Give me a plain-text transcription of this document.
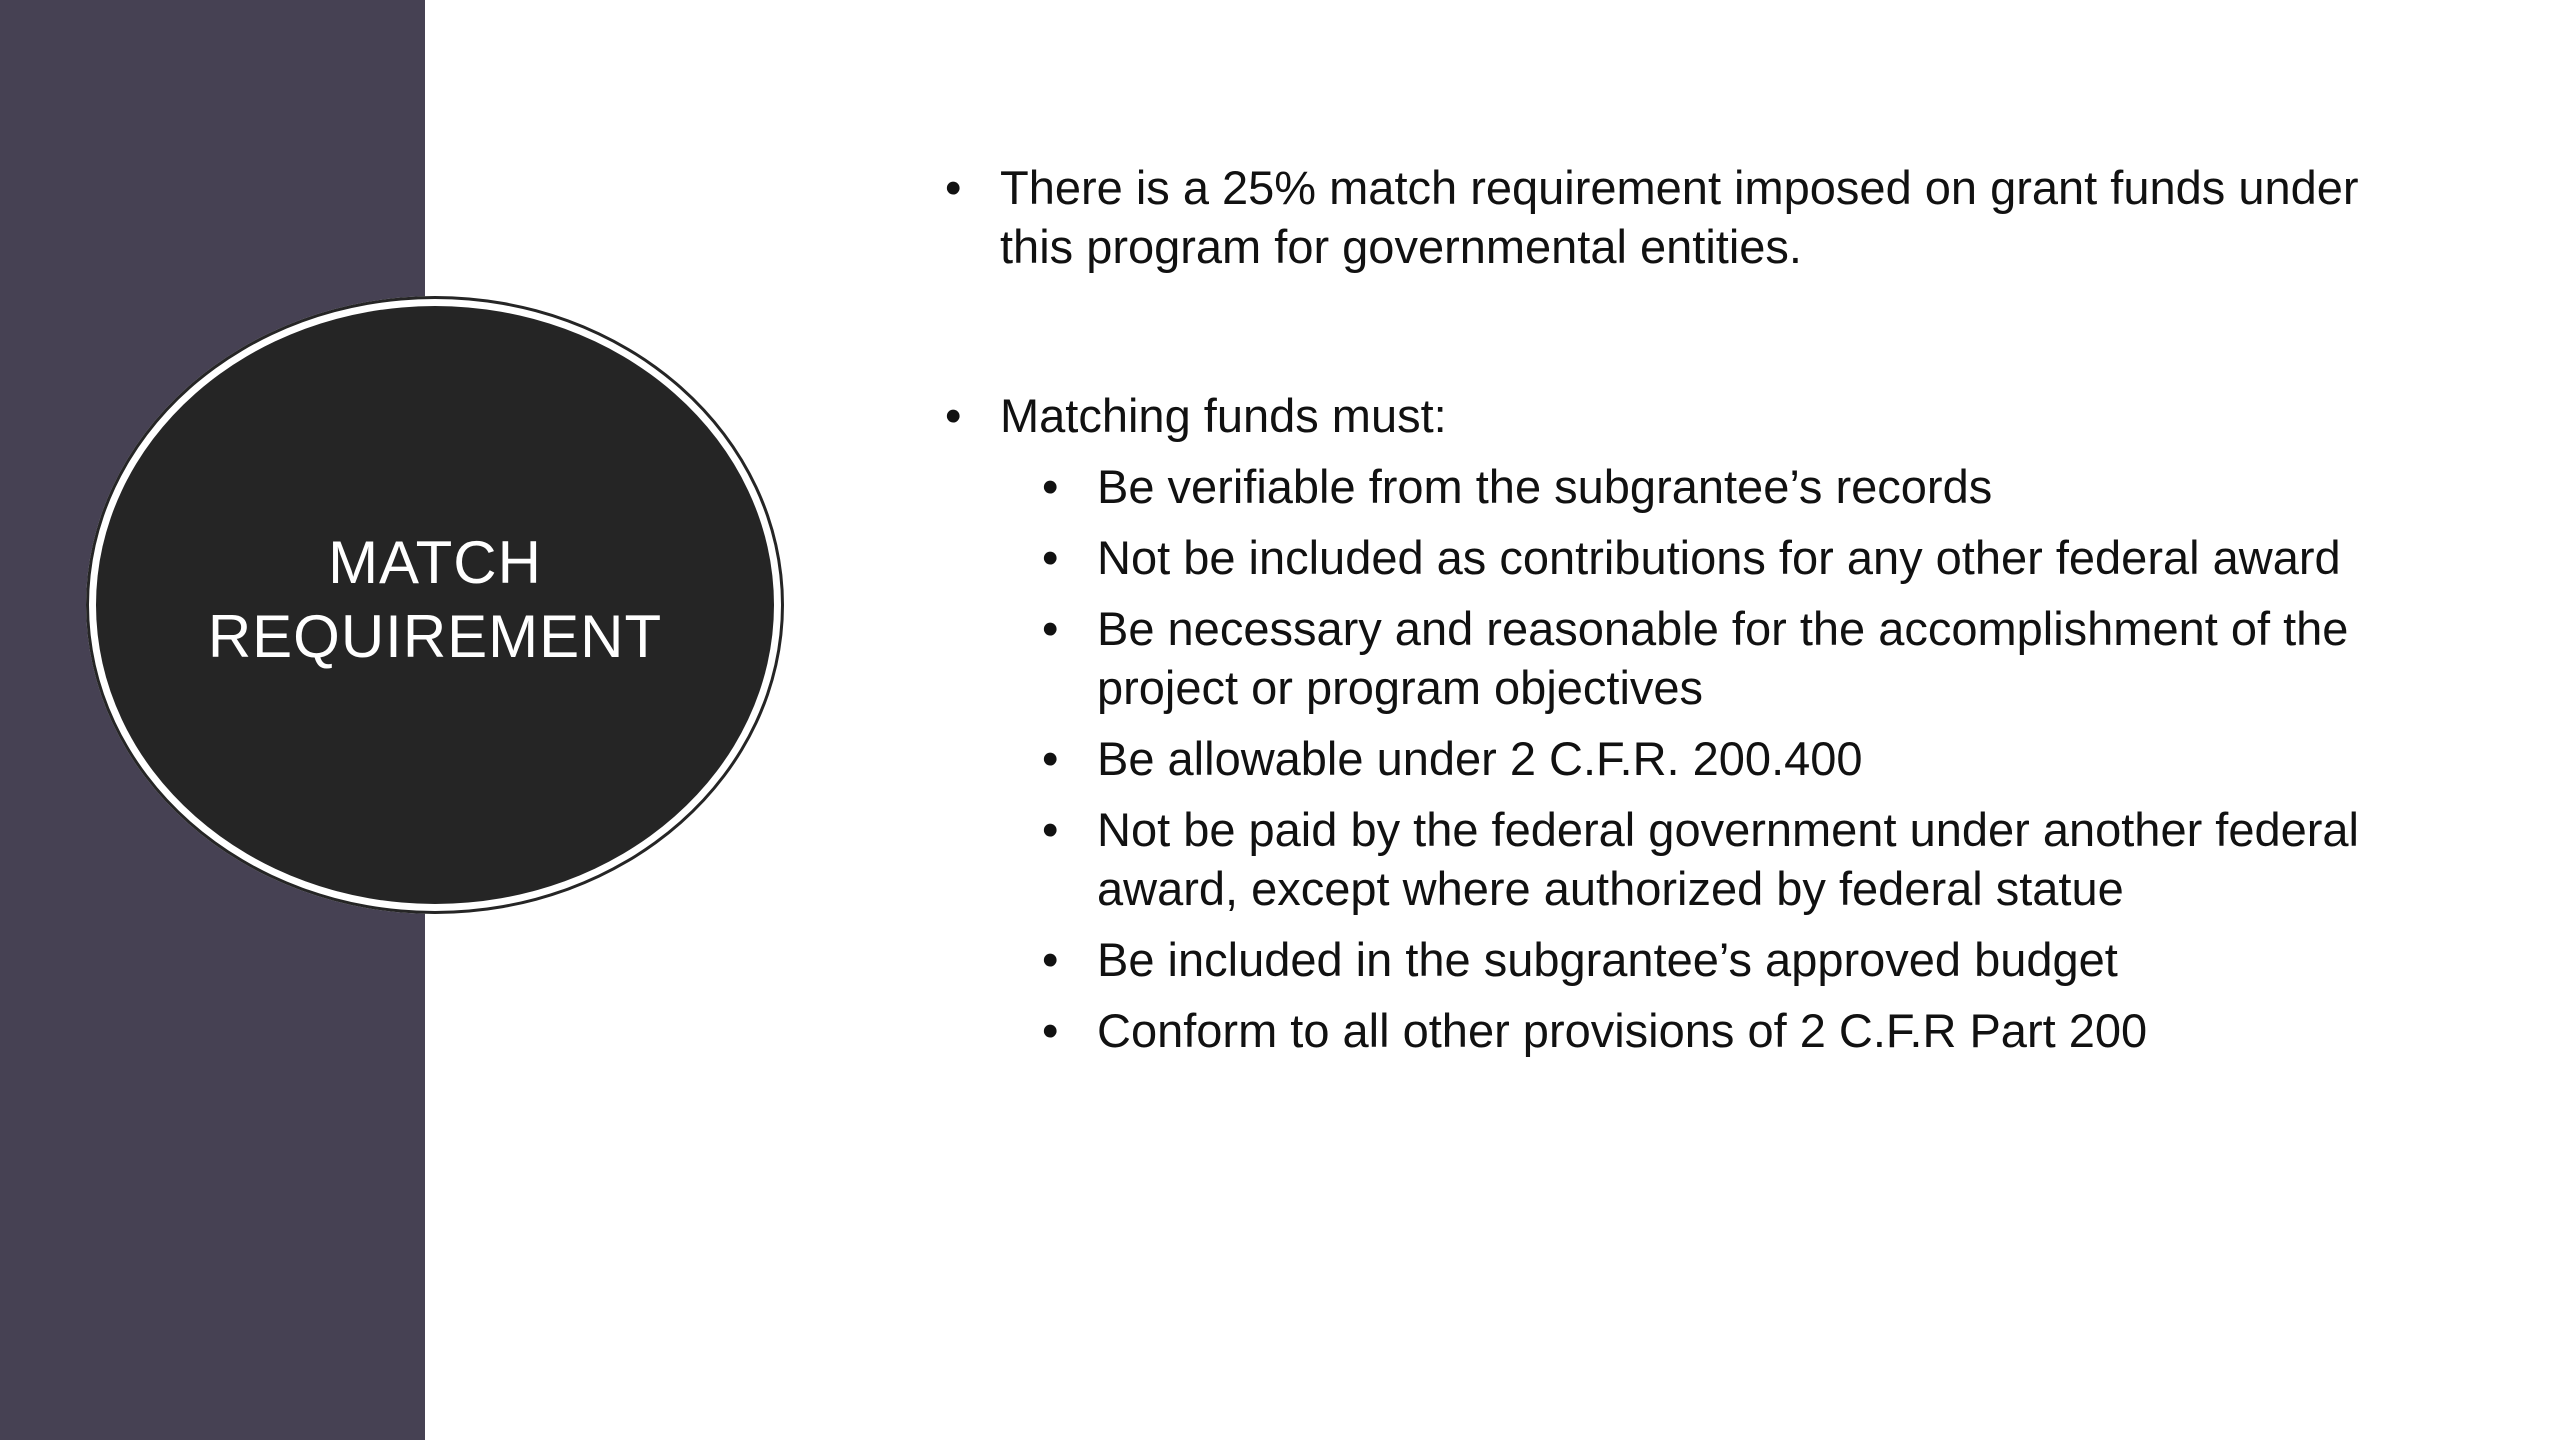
MATCH
REQUIREMENT
• There is a 25% match requirement imposed on grant funds under this program for governmental entities.
• Matching funds must:
• Be verifiable from the subgrantee’s records
• Not be included as contributions for any other federal award
• Be necessary and reasonable for the accomplishment of the project or program objectives
• Be allowable under 2 C.F.R. 200.400
• Not be paid by the federal government under another federal award, except where authorized by federal statue
• Be included in the subgrantee’s approved budget
• Conform to all other provisions of 2 C.F.R Part 200
